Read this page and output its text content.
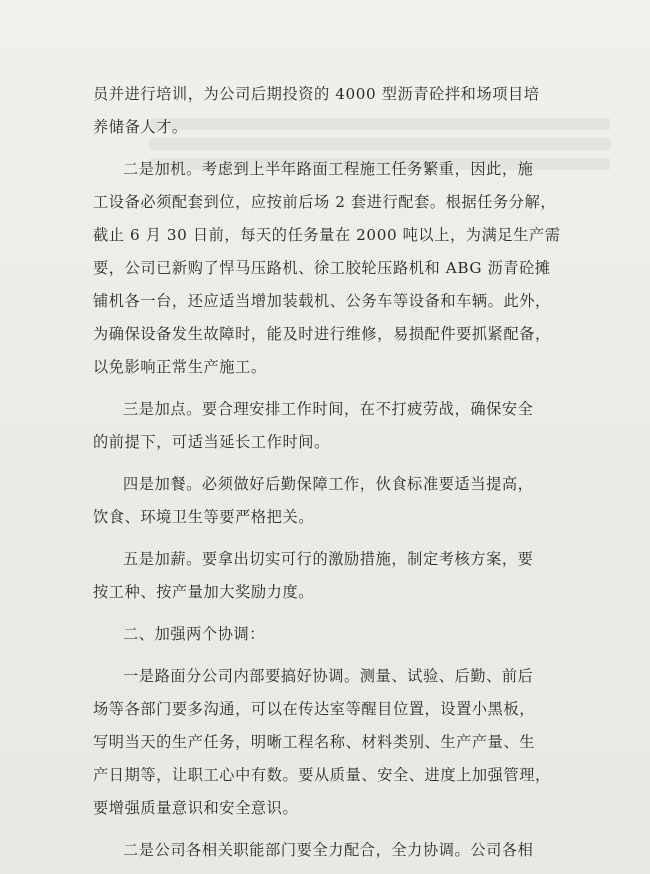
员并进行培训，为公司后期投资的 4000 型沥青砼拌和场项目培
养储备人才。
二是加机。考虑到上半年路面工程施工任务繁重，因此，施
工设备必须配套到位，应按前后场 2 套进行配套。根据任务分解，
截止 6 月 30 日前，每天的任务量在 2000 吨以上，为满足生产需
要，公司已新购了悍马压路机、徐工胶轮压路机和 ABG 沥青砼摊
铺机各一台，还应适当增加装载机、公务车等设备和车辆。此外，
为确保设备发生故障时，能及时进行维修，易损配件要抓紧配备，
以免影响正常生产施工。
三是加点。要合理安排工作时间，在不打疲劳战，确保安全
的前提下，可适当延长工作时间。
四是加餐。必须做好后勤保障工作，伙食标准要适当提高，
饮食、环境卫生等要严格把关。
五是加薪。要拿出切实可行的激励措施，制定考核方案，要
按工种、按产量加大奖励力度。
二、加强两个协调：
一是路面分公司内部要搞好协调。测量、试验、后勤、前后
场等各部门要多沟通，可以在传达室等醒目位置，设置小黑板，
写明当天的生产任务，明晰工程名称、材料类别、生产产量、生
产日期等，让职工心中有数。要从质量、安全、进度上加强管理，
要增强质量意识和安全意识。
二是公司各相关职能部门要全力配合，全力协调。公司各相
